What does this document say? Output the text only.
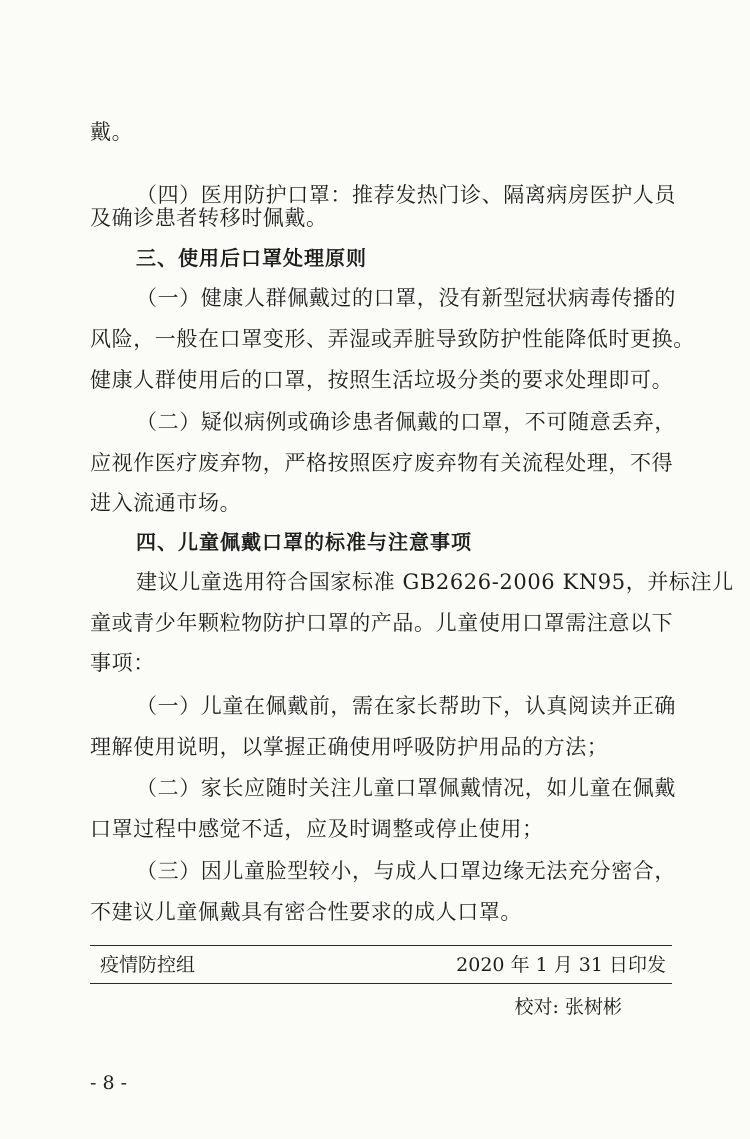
戴。
（四）医用防护口罩：推荐发热门诊、隔离病房医护人员
及确诊患者转移时佩戴。
三、使用后口罩处理原则
（一）健康人群佩戴过的口罩，没有新型冠状病毒传播的
风险，一般在口罩变形、弄湿或弄脏导致防护性能降低时更换。
健康人群使用后的口罩，按照生活垃圾分类的要求处理即可。
（二）疑似病例或确诊患者佩戴的口罩，不可随意丢弃，
应视作医疗废弃物，严格按照医疗废弃物有关流程处理，不得
进入流通市场。
四、儿童佩戴口罩的标准与注意事项
建议儿童选用符合国家标准 GB2626-2006 KN95，并标注儿
童或青少年颗粒物防护口罩的产品。儿童使用口罩需注意以下
事项：
（一）儿童在佩戴前，需在家长帮助下，认真阅读并正确
理解使用说明，以掌握正确使用呼吸防护用品的方法；
（二）家长应随时关注儿童口罩佩戴情况，如儿童在佩戴
口罩过程中感觉不适，应及时调整或停止使用；
（三）因儿童脸型较小，与成人口罩边缘无法充分密合，
不建议儿童佩戴具有密合性要求的成人口罩。
疫情防控组	2020 年 1 月 31 日印发
校对: 张树彬
- 8 -
